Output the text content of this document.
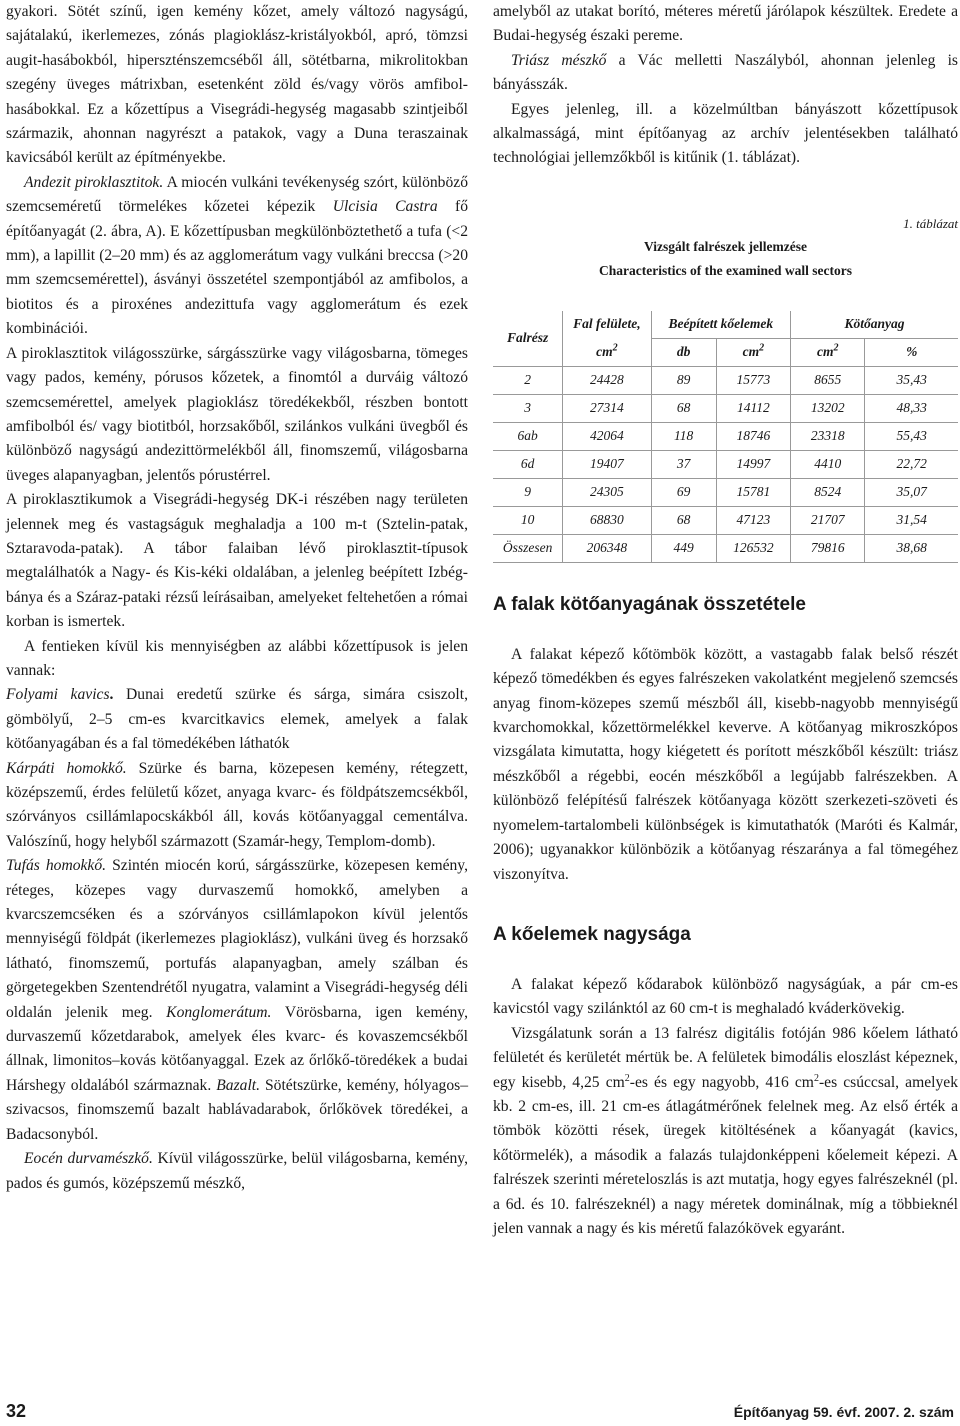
gyakori. Sötét színű, igen kemény kőzet, amely változó nagyságú, sajátalakú, ikerlemezes, zónás plagioklász-kristályokból, apró, tömzsi augit-hasábokból, hiperszténszemcséből áll, sötétbarna, mikrolitokban szegény üveges mátrixban, esetenként zöld és/vagy vörös amfibol-hasábokkal. Ez a kőzettípus a Visegrádi-hegység magasabb szintjeiből származik, ahonnan nagyrészt a patakok, vagy a Duna teraszainak kavicsából került az építményekbe.

Andezit piroklasztitok. A miocén vulkáni tevékenység szórt, különböző szemcseméretű törmelékes kőzetei képezik Ulcisia Castra fő építőanyagát (2. ábra, A). E kőzettípusban megkülönböztethető a tufa (<2 mm), a lapillit (2–20 mm) és az agglomerátum vagy vulkáni breccsa (>20 mm szemcsemérettel), ásványi összetétel szempontjából az amfibolos, a biotitos és a piroxénes andezittufa vagy agglomerátum és ezek kombinációi.

A piroklasztitok világosszürke, sárgásszürke vagy világosbarna, tömeges vagy pados, kemény, pórusos kőzetek, a finomtól a durváig változó szemcsemérettel, amelyek plagioklász töredékekből, részben bontott amfibolból és/ vagy biotitból, horzsakőből, szilánkos vulkáni üvegből és különböző nagyságú andezittörmelékből áll, finomszemű, világosbarna üveges alapanyagban, jelentős pórustérrel.

A piroklasztikumok a Visegrádi-hegység DK-i részében nagy területen jelennek meg és vastagságuk meghaladja a 100 m-t (Sztelin-patak, Sztaravoda-patak). A tábor falaiban lévő piroklasztit-típusok megtalálhatók a Nagy- és Kis-kéki oldalában, a jelenleg beépített Izbég-bánya és a Száraz-pataki rézsű leírásaiban, amelyeket feltehetően a római korban is ismertek.

A fentieken kívül kis mennyiségben az alábbi kőzettípusok is jelen vannak:

Folyami kavics. Dunai eredetű szürke és sárga, simára csiszolt, gömbölyű, 2–5 cm-es kvarcitkavics elemek, amelyek a falak kötőanyagában és a fal tömedékében láthatók

Kárpáti homokkő. Szürke és barna, közepesen kemény, rétegzett, középszemű, érdes felületű kőzet, anyaga kvarc- és földpátszemcsékből, szórványos csillámlapocskákból áll, kovás kötőanyaggal cementálva. Valószínű, hogy helyből származott (Szamár-hegy, Templom-domb).

Tufás homokkő. Szintén miocén korú, sárgásszürke, közepesen kemény, réteges, közepes vagy durvaszemű homokkő, amelyben a kvarcszemcséken és a szórványos csillámlapokon kívül jelentős mennyiségű földpát (ikerlemezes plagioklász), vulkáni üveg és horzsakő látható, finomszemű, portufás alapanyagban, amely szálban és görgetegekben Szentendrétől nyugatra, valamint a Visegrádi-hegység déli oldalán jelenik meg. Konglomerátum. Vörösbarna, igen kemény, durvaszemű kőzetdarabok, amelyek éles kvarc- és kovaszemcsékből állnak, limonitos–kovás kötőanyaggal. Ezek az őrlőkő-töredékek a budai Hárshegy oldalából származnak. Bazalt. Sötétszürke, kemény, hólyagos–szivacsos, finomszemű bazalt hablávadarabok, őrlőkövek töredékei, a Badacsonyból.

Eocén durvamészkő. Kívül világosszürke, belül világosbarna, kemény, pados és gumós, középszemű mészkő,

amelyből az utakat borító, méteres méretű járólapok készültek. Eredete a Budai-hegység északi pereme.

Triász mészkő a Vác melletti Naszályból, ahonnan jelenleg is bányásszák.

Egyes jelenleg, ill. a közelmúltban bányászott kőzettípusok alkalmasságá, mint építőanyag az archív jelentésekben található technológiai jellemzőkből is kitűnik (1. táblázat).

1. táblázat
Vizsgált falrészek jellemzése
Characteristics of the examined wall sectors
Falrész	Fal felülete,	Beépített kőelemek		Kötőanyag	
	$cm^2$	db	$cm^2$	$cm^2$	%
2	24428	89	15773	8655	35,43
3	27314	68	14112	13202	48,33
6ab	42064	118	18746	23318	55,43
6d	19407	37	14997	4410	22,72
9	24305	69	15781	8524	35,07
10	68830	68	47123	21707	31,54
Összesen	206348	449	126532	79816	38,68
A falak kötőanyagának összetétele

A falakat képező kőtömbök között, a vastagabb falak belső részét képező tömedékben és egyes falrészeken vakolatként megjelenő szemcsés anyag finom-közepes szemű mészből áll, kisebb-nagyobb mennyiségű kvarchomokkal, kőzettörmelékkel keverve. A kötőanyag mikroszkópos vizsgálata kimutatta, hogy kiégetett és porított mészkőből készült: triász mészkőből a régebbi, eocén mészkőből a legújabb falrészekben. A különböző felépítésű falrészek kötőanyaga között szerkezeti-szöveti és nyomelem-tartalombeli különbségek is kimutathatók (Maróti és Kalmár, 2006); ugyanakkor különbözik a kötőanyag részaránya a fal tömegéhez viszonyítva.

A kőelemek nagysága

A falakat képező kődarabok különböző nagyságúak, a pár cm-es kavicstól vagy szilánktól az 60 cm-t is meghaladó kváderkövekig.

Vizsgálatunk során a 13 falrész digitális fotóján 986 kőelem látható felületét és kerületét mértük be. A felületek bimodális eloszlást képeznek, egy kisebb, 4,25 $cm^2-es$ és egy nagyobb, 416 $cm^2-es$ csúccsal, amelyek kb. 2 cm-es, ill. 21 cm-es átlagátmérőnek felelnek meg. Az első érték a tömbök közötti rések, üregek kitöltésének a kőanyagát (kavics, kőtörmelék), a második a falazás tulajdonképpeni kőelemeit képezi. A falrészek szerinti méreteloszlás is azt mutatja, hogy egyes falrészeknél (pl. a 6d. és 10. falrészeknél) a nagy méretek dominálnak, míg a többieknél jelen vannak a nagy és kis méretű falazókövek egyaránt.

32	Építőanyag 59. évf. 2007. 2. szám
